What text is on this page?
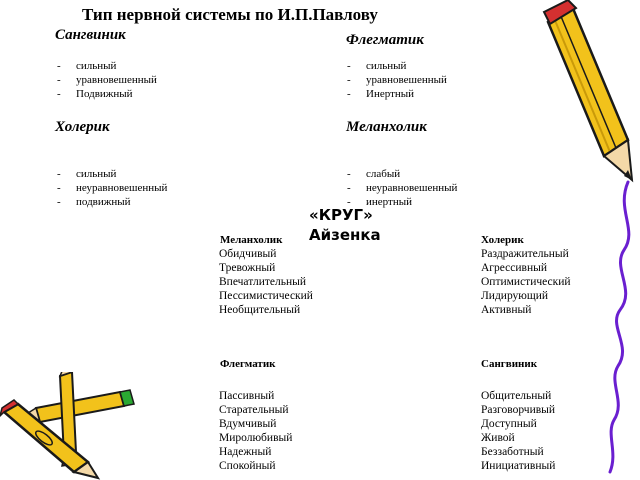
Тип нервной системы по И.П.Павлову
Сангвиник
- сильный
- уравновешенный
- Подвижный
Флегматик
- сильный
- уравновешенный
- Инертный
Холерик
- сильный
- неуравновешенный
- подвижный
Меланхолик
- слабый
- неуравновешенный
- инертный
«КРУГ»
Айзенка
Меланхолик
Обидчивый
Тревожный
Впечатлительный
Пессимистический
Необщительный
Холерик
Раздражительный
Агрессивный
Оптимистический
Лидирующий
Активный
Флегматик
Пассивный
Старательный
Вдумчивый
Миролюбивый
Надежный
Спокойный
Сангвиник
Общительный
Разговорчивый
Доступный
Живой
Беззаботный
Инициативный
